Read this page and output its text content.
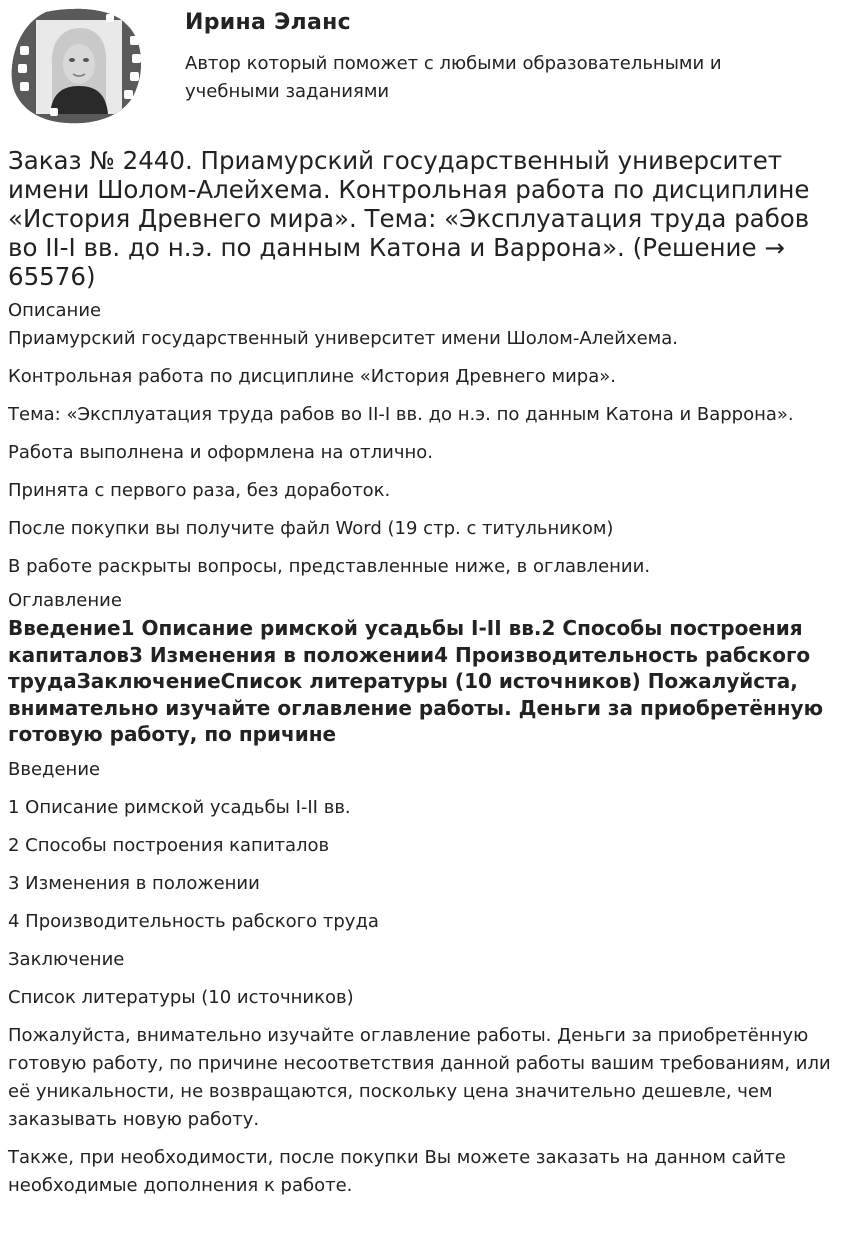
Ирина Эланс
Автор который поможет с любыми образовательными и учебными заданиями
Заказ № 2440. Приамурский государственный университет имени Шолом-Алейхема. Контрольная работа по дисциплине «История Древнего мира». Тема: «Эксплуатация труда рабов во II-I вв. до н.э. по данным Катона и Варрона». (Решение → 65576)
Описание

Приамурский государственный университет имени Шолом-Алейхема.

Контрольная работа по дисциплине «История Древнего мира».

Тема: «Эксплуатация труда рабов во II-I вв. до н.э. по данным Катона и Варрона».

Работа выполнена и оформлена на отлично.

Принята с первого раза, без доработок.

После покупки вы получите файл Word (19 стр. с титульником)

В работе раскрыты вопросы, представленные ниже, в оглавлении.

Оглавление

Введение1 Описание римской усадьбы I-II вв.2 Способы построения капиталов3 Изменения в положении4 Производительность рабского трудаЗаключениеСписок литературы (10 источников) Пожалуйста, внимательно изучайте оглавление работы. Деньги за приобретённую готовую работу, по причине

Введение

1 Описание римской усадьбы I-II вв.

2 Способы построения капиталов

3 Изменения в положении

4 Производительность рабского труда

Заключение

Список литературы (10 источников)

Пожалуйста, внимательно изучайте оглавление работы. Деньги за приобретённую готовую работу, по причине несоответствия данной работы вашим требованиям, или её уникальности, не возвращаются, поскольку цена значительно дешевле, чем заказывать новую работу.

Также, при необходимости, после покупки Вы можете заказать на данном сайте необходимые дополнения к работе.
